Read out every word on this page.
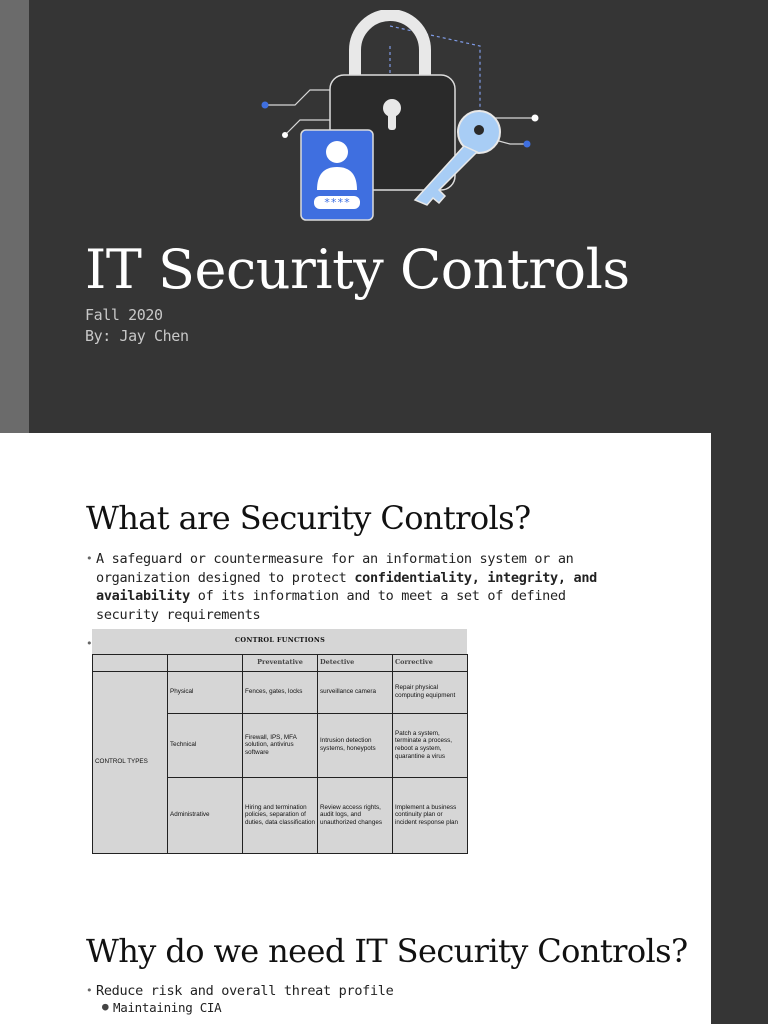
****
IT Security Controls
Fall 2020
By: Jay Chen
What are Security Controls?
• A safeguard or countermeasure for an information system or an organization designed to protect confidentiality, integrity, and availability of its information and to meet a set of defined security requirements
•	CONTROL FUNCTIONS				
		Preventative	Detective	Corrective
CONTROL TYPES	Physical	Fences, gates, locks	surveillance camera	Repair physical computing equipment
	Technical	Firewall, IPS, MFA solution, antivirus software	Intrusion detection systems, honeypots	Patch a system, terminate a process, reboot a system, quarantine a virus
	Administrative	Hiring and termination policies, separation of duties, data classification	Review access rights, audit logs, and unauthorized changes	Implement a business continuity plan or incident response plan
Why do we need IT Security Controls?
• Reduce risk and overall threat profile
● Maintaining CIA
